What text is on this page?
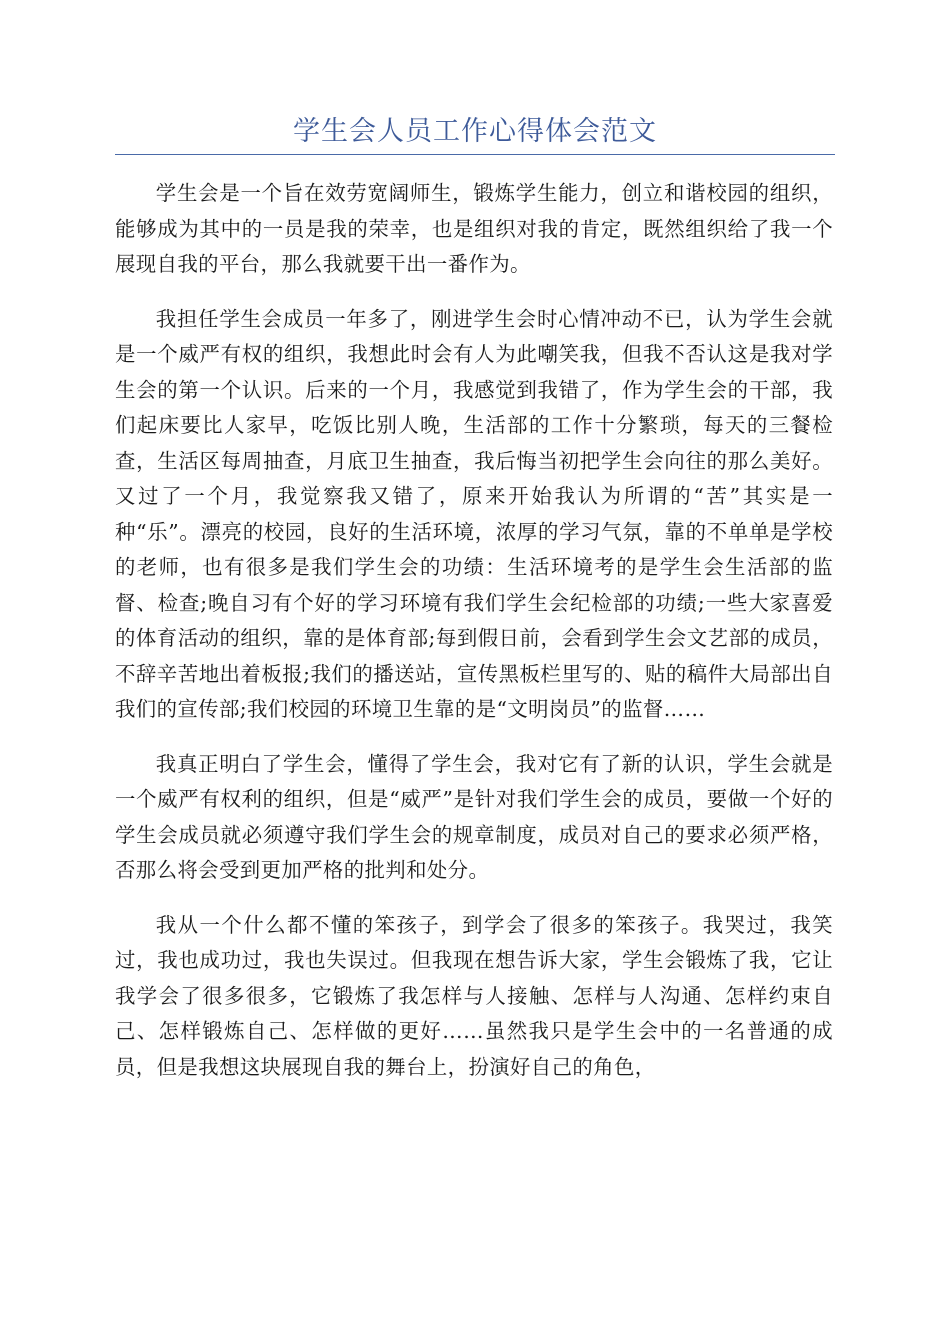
学生会人员工作心得体会范文

学生会是一个旨在效劳宽阔师生，锻炼学生能力，创立和谐校园的组织，能够成为其中的一员是我的荣幸，也是组织对我的肯定，既然组织给了我一个展现自我的平台，那么我就要干出一番作为。

我担任学生会成员一年多了，刚进学生会时心情冲动不已，认为学生会就是一个威严有权的组织，我想此时会有人为此嘲笑我，但我不否认这是我对学生会的第一个认识。后来的一个月，我感觉到我错了，作为学生会的干部，我们起床要比人家早，吃饭比别人晚，生活部的工作十分繁琐，每天的三餐检查，生活区每周抽查，月底卫生抽查，我后悔当初把学生会向往的那么美好。又过了一个月，我觉察我又错了，原来开始我认为所谓的“苦”其实是一种“乐”。漂亮的校园，良好的生活环境，浓厚的学习气氛，靠的不单单是学校的老师，也有很多是我们学生会的功绩：生活环境考的是学生会生活部的监督、检查;晚自习有个好的学习环境有我们学生会纪检部的功绩;一些大家喜爱的体育活动的组织，靠的是体育部;每到假日前，会看到学生会文艺部的成员，不辞辛苦地出着板报;我们的播送站，宣传黑板栏里写的、贴的稿件大局部出自我们的宣传部;我们校园的环境卫生靠的是“文明岗员”的监督……

我真正明白了学生会，懂得了学生会，我对它有了新的认识，学生会就是一个威严有权利的组织，但是“威严”是针对我们学生会的成员，要做一个好的学生会成员就必须遵守我们学生会的规章制度，成员对自己的要求必须严格，否那么将会受到更加严格的批判和处分。

我从一个什么都不懂的笨孩子，到学会了很多的笨孩子。我哭过，我笑过，我也成功过，我也失误过。但我现在想告诉大家，学生会锻炼了我，它让我学会了很多很多，它锻炼了我怎样与人接触、怎样与人沟通、怎样约束自己、怎样锻炼自己、怎样做的更好……虽然我只是学生会中的一名普通的成员，但是我想这块展现自我的舞台上，扮演好自己的角色，
